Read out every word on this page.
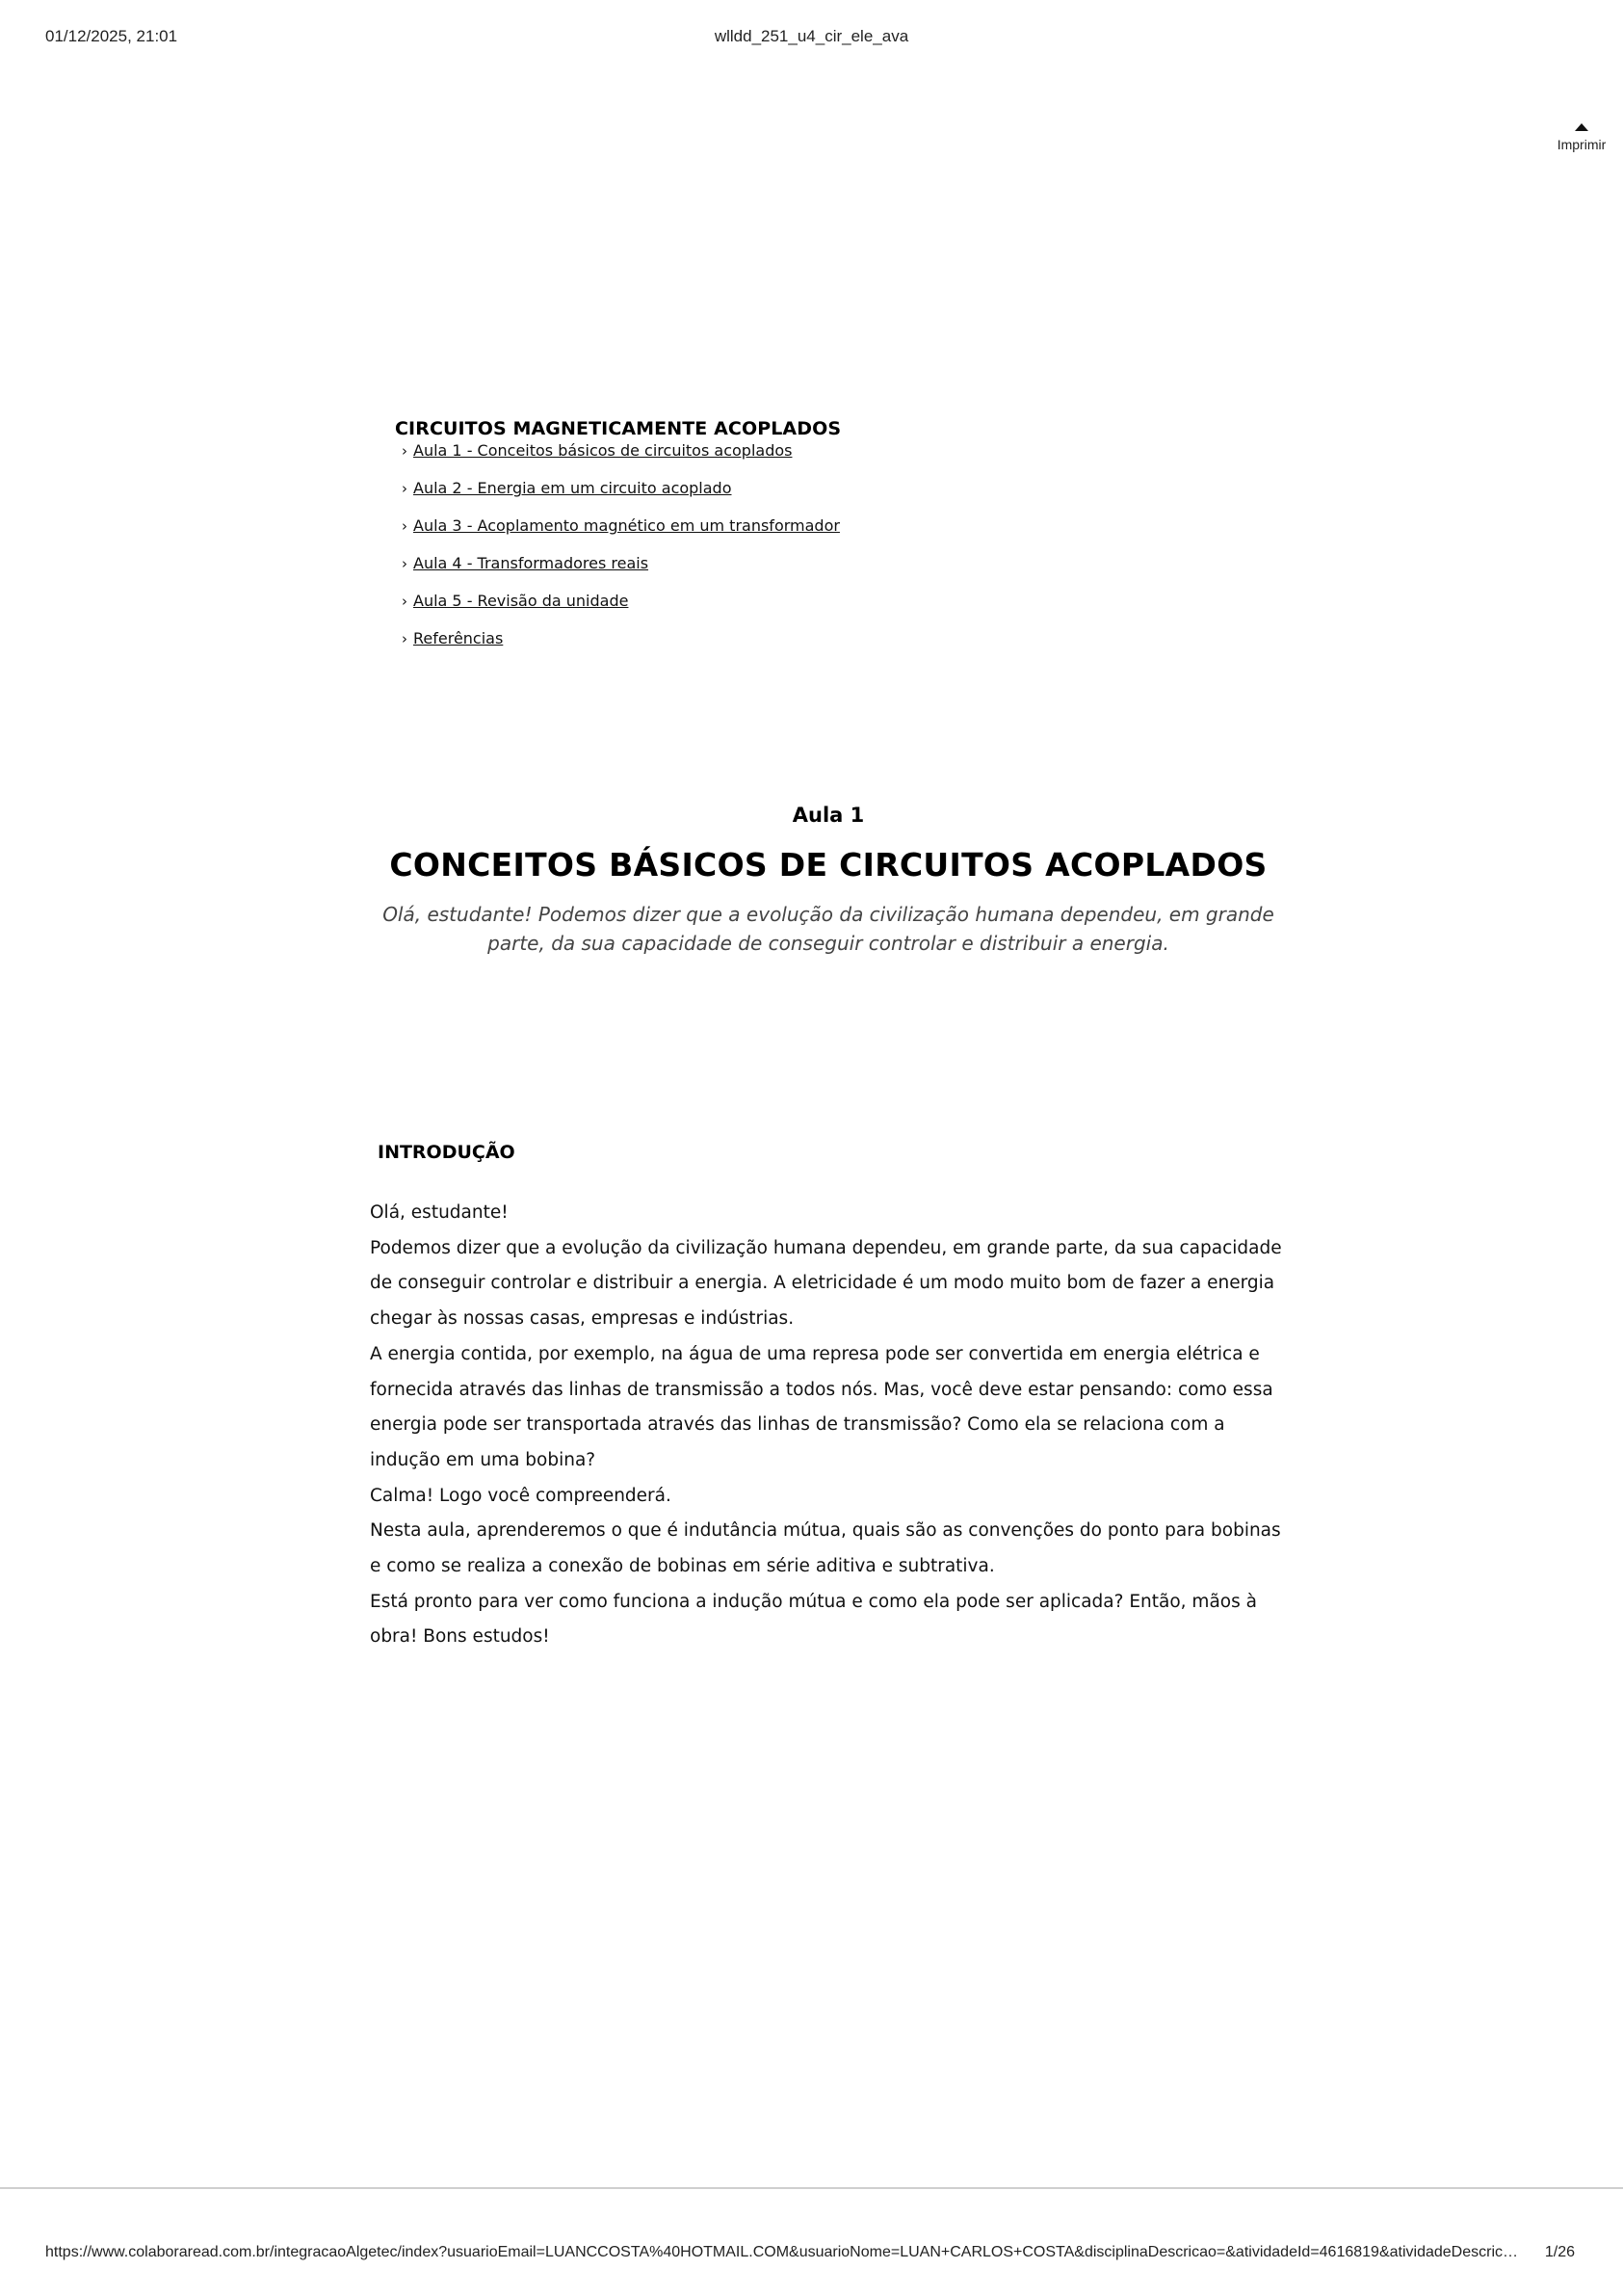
01/12/2025, 21:01	wlldd_251_u4_cir_ele_ava
Imprimir
CIRCUITOS MAGNETICAMENTE ACOPLADOS
› Aula 1 - Conceitos básicos de circuitos acoplados
› Aula 2 - Energia em um circuito acoplado
› Aula 3 - Acoplamento magnético em um transformador
› Aula 4 - Transformadores reais
› Aula 5 - Revisão da unidade
› Referências
Aula 1
CONCEITOS BÁSICOS DE CIRCUITOS ACOPLADOS
Olá, estudante! Podemos dizer que a evolução da civilização humana dependeu, em grande parte, da sua capacidade de conseguir controlar e distribuir a energia.
INTRODUÇÃO

Olá, estudante!

Podemos dizer que a evolução da civilização humana dependeu, em grande parte, da sua capacidade de conseguir controlar e distribuir a energia. A eletricidade é um modo muito bom de fazer a energia chegar às nossas casas, empresas e indústrias.

A energia contida, por exemplo, na água de uma represa pode ser convertida em energia elétrica e fornecida através das linhas de transmissão a todos nós. Mas, você deve estar pensando: como essa energia pode ser transportada através das linhas de transmissão? Como ela se relaciona com a indução em uma bobina?

Calma! Logo você compreenderá.

Nesta aula, aprenderemos o que é indutância mútua, quais são as convenções do ponto para bobinas e como se realiza a conexão de bobinas em série aditiva e subtrativa.

Está pronto para ver como funciona a indução mútua e como ela pode ser aplicada? Então, mãos à obra! Bons estudos!

https://www.colaboraread.com.br/integracaoAlgetec/index?usuarioEmail=LUANCCOSTA%40HOTMAIL.COM&usuarioNome=LUAN+CARLOS+COSTA&disciplinaDescricao=&atividadeId=4616819&atividadeDescric… 1/26
